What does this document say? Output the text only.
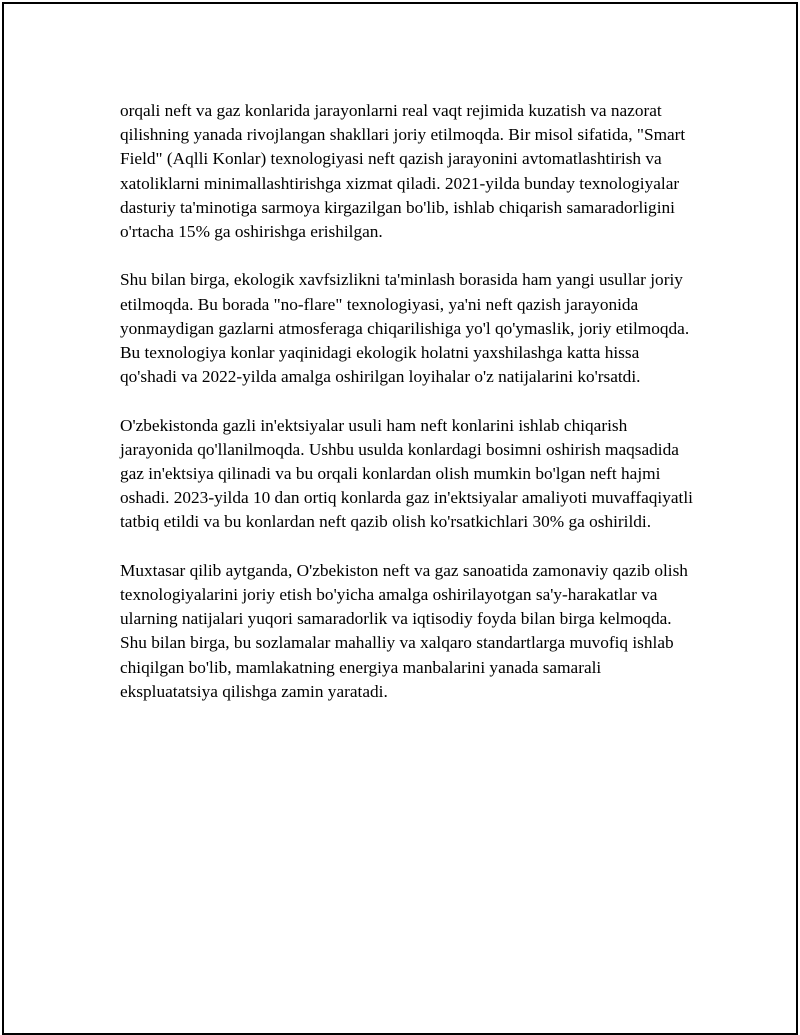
orqali neft va gaz konlarida jarayonlarni real vaqt rejimida kuzatish va nazorat qilishning yanada rivojlangan shakllari joriy etilmoqda. Bir misol sifatida, "Smart Field" (Aqlli Konlar) texnologiyasi neft qazish jarayonini avtomatlashtirish va xatoliklarni minimallashtirishga xizmat qiladi. 2021-yilda bunday texnologiyalar dasturiy ta'minotiga sarmoya kirgazilgan bo'lib, ishlab chiqarish samaradorligini o'rtacha 15% ga oshirishga erishilgan.

Shu bilan birga, ekologik xavfsizlikni ta'minlash borasida ham yangi usullar joriy etilmoqda. Bu borada "no-flare" texnologiyasi, ya'ni neft qazish jarayonida yonmaydigan gazlarni atmosferaga chiqarilishiga yo'l qo'ymaslik, joriy etilmoqda. Bu texnologiya konlar yaqinidagi ekologik holatni yaxshilashga katta hissa qo'shadi va 2022-yilda amalga oshirilgan loyihalar o'z natijalarini ko'rsatdi.

O'zbekistonda gazli in'ektsiyalar usuli ham neft konlarini ishlab chiqarish jarayonida qo'llanilmoqda. Ushbu usulda konlardagi bosimni oshirish maqsadida gaz in'ektsiya qilinadi va bu orqali konlardan olish mumkin bo'lgan neft hajmi oshadi. 2023-yilda 10 dan ortiq konlarda gaz in'ektsiyalar amaliyoti muvaffaqiyatli tatbiq etildi va bu konlardan neft qazib olish ko'rsatkichlari 30% ga oshirildi.

Muxtasar qilib aytganda, O'zbekiston neft va gaz sanoatida zamonaviy qazib olish texnologiyalarini joriy etish bo'yicha amalga oshirilayotgan sa'y-harakatlar va ularning natijalari yuqori samaradorlik va iqtisodiy foyda bilan birga kelmoqda. Shu bilan birga, bu sozlamalar mahalliy va xalqaro standartlarga muvofiq ishlab chiqilgan bo'lib, mamlakatning energiya manbalarini yanada samarali ekspluatatsiya qilishga zamin yaratadi.
